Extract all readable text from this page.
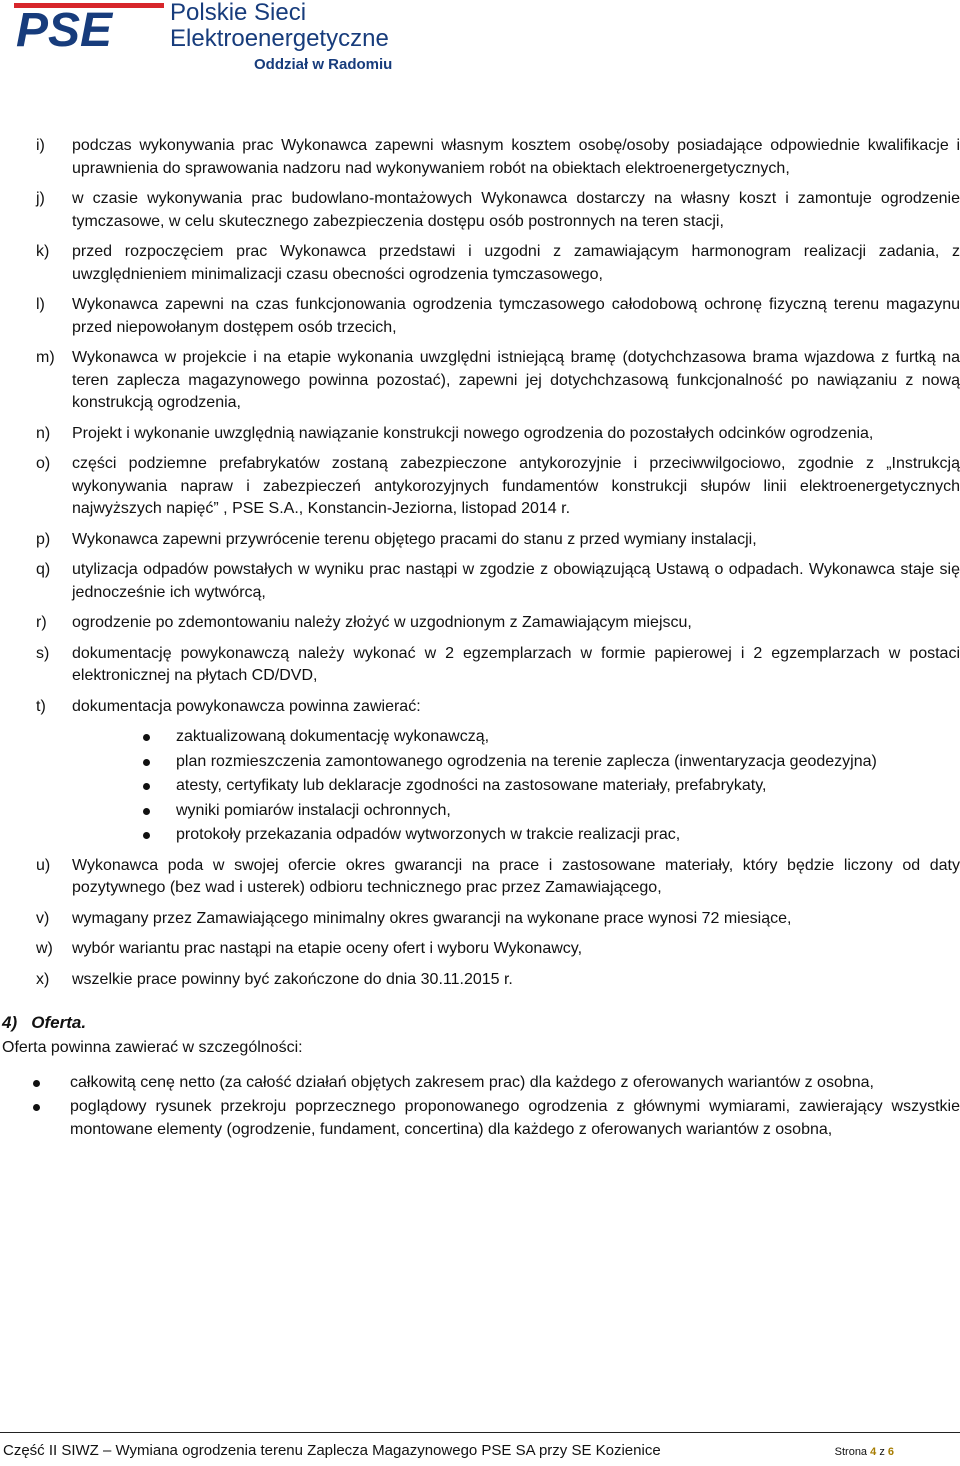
PSE Polskie Sieci
Elektroenergetyczne
Oddział w Radomiu
i) podczas wykonywania prac Wykonawca zapewni własnym kosztem osobę/osoby posiadające odpowiednie kwalifikacje i uprawnienia do sprawowania nadzoru nad wykonywaniem robót na obiektach elektroenergetycznych,
j) w czasie wykonywania prac budowlano-montażowych Wykonawca dostarczy na własny koszt i zamontuje ogrodzenie tymczasowe, w celu skutecznego zabezpieczenia dostępu osób postronnych na teren stacji,
k) przed rozpoczęciem prac Wykonawca przedstawi i uzgodni z zamawiającym harmonogram realizacji zadania, z uwzględnieniem minimalizacji czasu obecności ogrodzenia tymczasowego,
l) Wykonawca zapewni na czas funkcjonowania ogrodzenia tymczasowego całodobową ochronę fizyczną terenu magazynu przed niepowołanym dostępem osób trzecich,
m) Wykonawca w projekcie i na etapie wykonania uwzględni istniejącą bramę (dotychchzasowa brama wjazdowa z furtką na teren zaplecza magazynowego powinna pozostać), zapewni jej dotychchzasową funkcjonalność po nawiązaniu z nową konstrukcją ogrodzenia,
n) Projekt i wykonanie uwzględnią nawiązanie konstrukcji nowego ogrodzenia do pozostałych odcinków ogrodzenia,
o) części podziemne prefabrykatów zostaną zabezpieczone antykorozyjnie i przeciwwilgociowo, zgodnie z „Instrukcją wykonywania napraw i zabezpieczeń antykorozyjnych fundamentów konstrukcji słupów linii elektroenergetycznych najwyższych napięć” , PSE S.A., Konstancin-Jeziorna, listopad 2014 r.
p) Wykonawca zapewni przywrócenie terenu objętego pracami do stanu z przed wymiany instalacji,
q) utylizacja odpadów powstałych w wyniku prac nastąpi w zgodzie z obowiązującą Ustawą o odpadach. Wykonawca staje się jednocześnie ich wytwórcą,
r) ogrodzenie po zdemontowaniu należy złożyć w uzgodnionym z Zamawiającym miejscu,
s) dokumentację powykonawczą należy wykonać w 2 egzemplarzach w formie papierowej i 2 egzemplarzach w postaci elektronicznej na płytach CD/DVD,
t) dokumentacja powykonawcza powinna zawierać:
zaktualizowaną dokumentację wykonawczą,
plan rozmieszczenia zamontowanego ogrodzenia na terenie zaplecza (inwentaryzacja geodezyjna)
atesty, certyfikaty lub deklaracje zgodności na zastosowane materiały, prefabrykaty,
wyniki pomiarów instalacji ochronnych,
protokoły przekazania odpadów wytworzonych w trakcie realizacji prac,
u) Wykonawca poda w swojej ofercie okres gwarancji na prace i zastosowane materiały, który będzie liczony od daty pozytywnego (bez wad i usterek) odbioru technicznego prac przez Zamawiającego,
v) wymagany przez Zamawiającego minimalny okres gwarancji na wykonane prace wynosi 72 miesiące,
w) wybór wariantu prac nastąpi na etapie oceny ofert i wyboru Wykonawcy,
x) wszelkie prace powinny być zakończone do dnia 30.11.2015 r.
4)   Oferta.
Oferta powinna zawierać w szczególności:
całkowitą cenę netto (za całość działań objętych zakresem prac) dla każdego z oferowanych wariantów z osobna,
poglądowy rysunek przekroju poprzecznego proponowanego ogrodzenia z głównymi wymiarami, zawierający wszystkie montowane elementy (ogrodzenie, fundament, concertina) dla każdego z oferowanych wariantów z osobna,
Część II SIWZ – Wymiana ogrodzenia terenu Zaplecza Magazynowego PSE SA przy SE Kozienice	Strona 4 z 6
